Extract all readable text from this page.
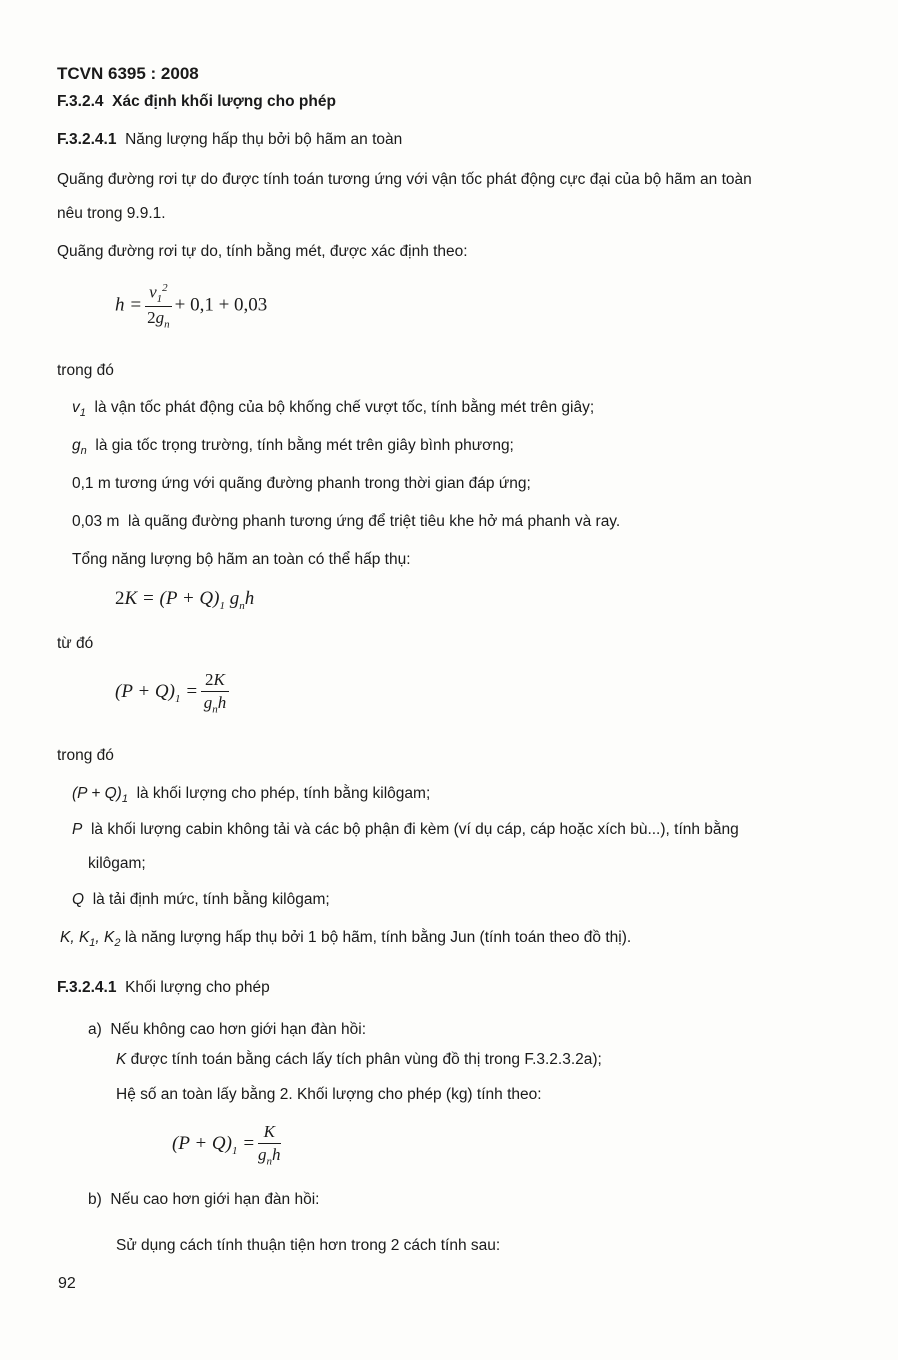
TCVN 6395 : 2008
F.3.2.4 Xác định khối lượng cho phép
F.3.2.4.1 Năng lượng hấp thụ bởi bộ hãm an toàn
Quãng đường rơi tự do được tính toán tương ứng với vận tốc phát động cực đại của bộ hãm an toàn
nêu trong 9.9.1.
Quãng đường rơi tự do, tính bằng mét, được xác định theo:
$h = \frac{v_1^2}{2g_n} + 0,1 + 0,03$
trong đó
$v_1$ là vận tốc phát động của bộ khống chế vượt tốc, tính bằng mét trên giây;
$g_n$ là gia tốc trọng trường, tính bằng mét trên giây bình phương;
0,1 m tương ứng với quãng đường phanh trong thời gian đáp ứng;
0,03 m là quãng đường phanh tương ứng để triệt tiêu khe hở má phanh và ray.
Tổng năng lượng bộ hãm an toàn có thể hấp thụ:
$2K = (P + Q)_1$ $g_nh$
từ đó
$(P + Q)_1 = \frac{2K}{g_nh}$
trong đó
$(P + Q)_1$ là khối lượng cho phép, tính bằng kilôgam;
P là khối lượng cabin không tải và các bộ phận đi kèm (ví dụ cáp, cáp hoặc xích bù...), tính bằng
kilôgam;
Q là tải định mức, tính bằng kilôgam;
K, $K_1$, $K_2$ là năng lượng hấp thụ bởi 1 bộ hãm, tính bằng Jun (tính toán theo đồ thị).
F.3.2.4.1 Khối lượng cho phép
a) Nếu không cao hơn giới hạn đàn hồi:
K được tính toán bằng cách lấy tích phân vùng đồ thị trong F.3.2.3.2a);
Hệ số an toàn lấy bằng 2. Khối lượng cho phép (kg) tính theo:
$(P + Q)_1 = \frac{K}{g_nh}$
b) Nếu cao hơn giới hạn đàn hồi:
Sử dụng cách tính thuận tiện hơn trong 2 cách tính sau:
92
